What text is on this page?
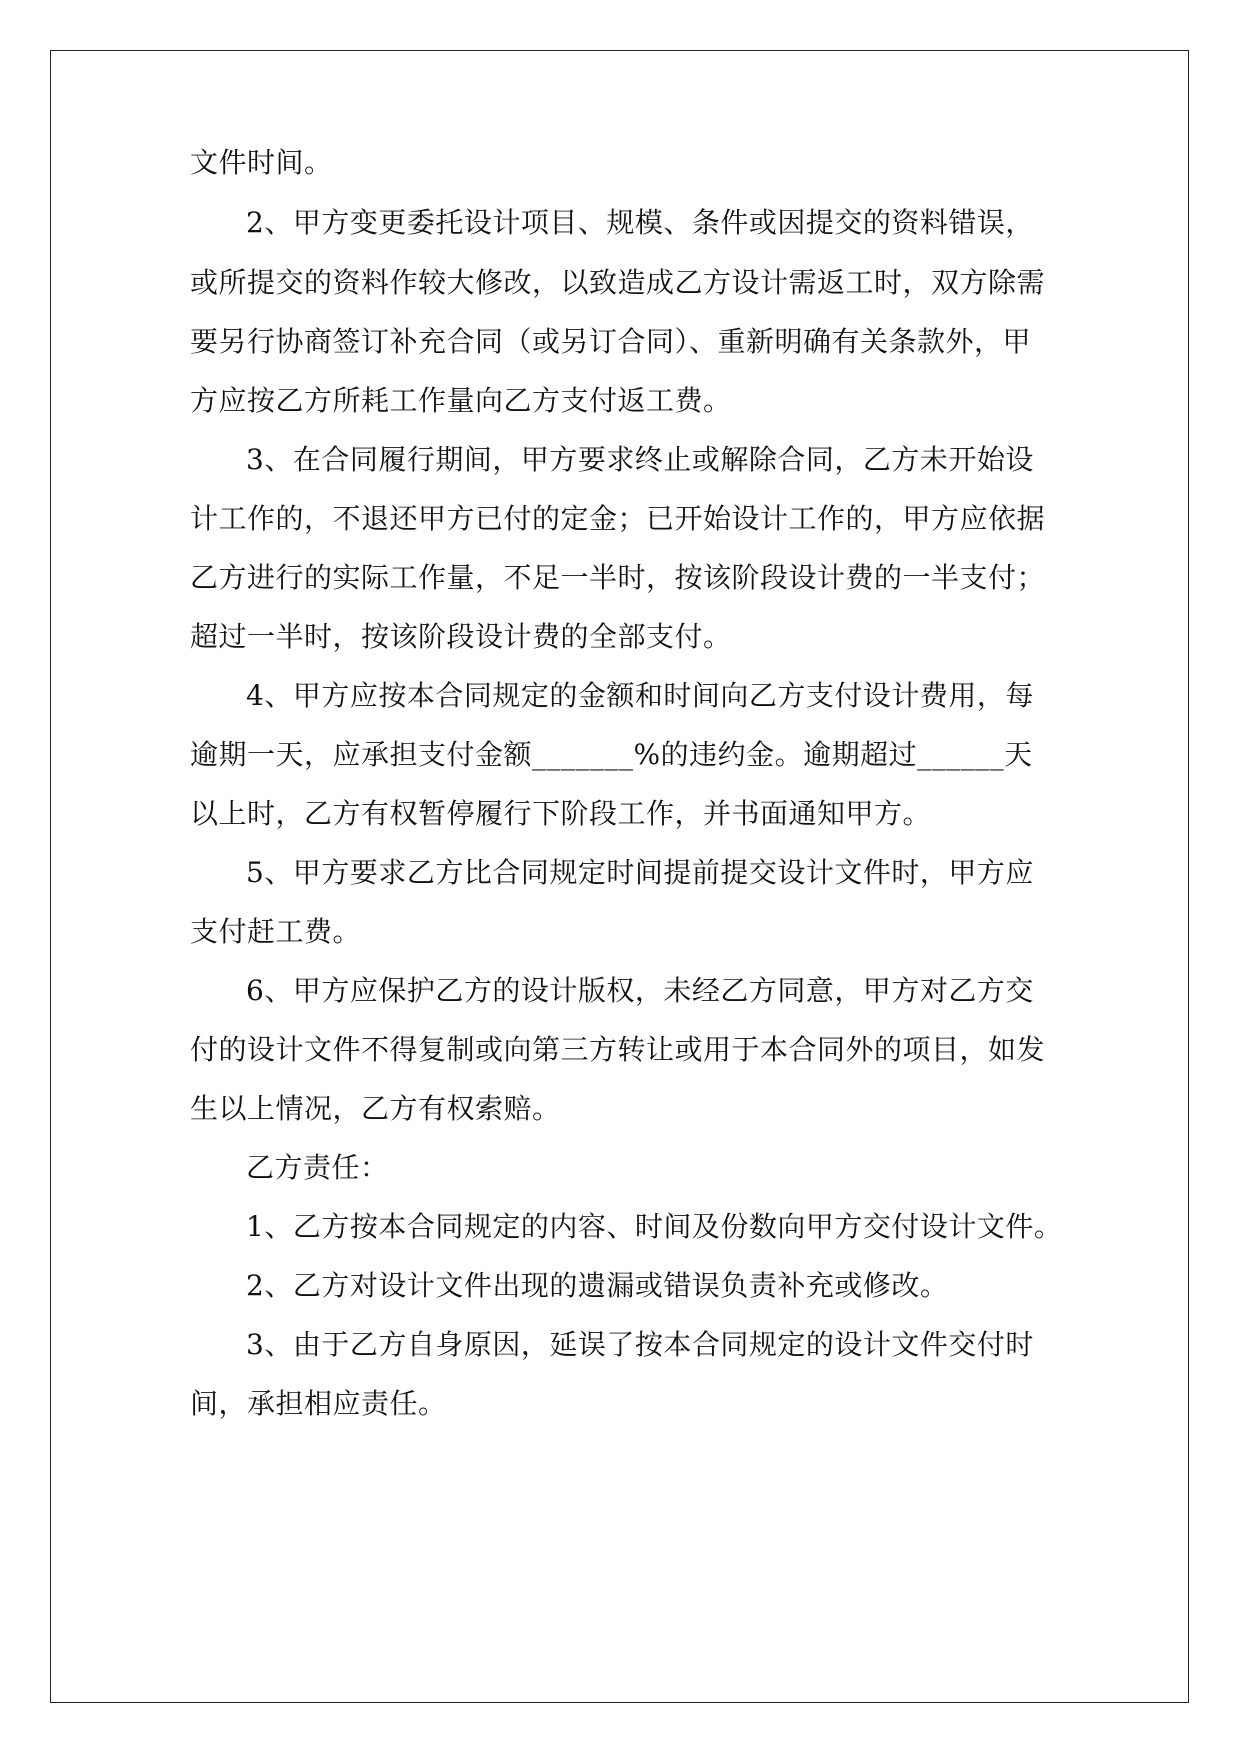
文件时间。
2、甲方变更委托设计项目、规模、条件或因提交的资料错误，
或所提交的资料作较大修改，以致造成乙方设计需返工时，双方除需
要另行协商签订补充合同（或另订合同）、重新明确有关条款外，甲
方应按乙方所耗工作量向乙方支付返工费。
3、在合同履行期间，甲方要求终止或解除合同，乙方未开始设
计工作的，不退还甲方已付的定金；已开始设计工作的，甲方应依据
乙方进行的实际工作量，不足一半时，按该阶段设计费的一半支付；
超过一半时，按该阶段设计费的全部支付。
4、甲方应按本合同规定的金额和时间向乙方支付设计费用，每
逾期一天，应承担支付金额_______%的违约金。逾期超过______天
以上时，乙方有权暂停履行下阶段工作，并书面通知甲方。
5、甲方要求乙方比合同规定时间提前提交设计文件时，甲方应
支付赶工费。
6、甲方应保护乙方的设计版权，未经乙方同意，甲方对乙方交
付的设计文件不得复制或向第三方转让或用于本合同外的项目，如发
生以上情况，乙方有权索赔。
乙方责任：
1、乙方按本合同规定的内容、时间及份数向甲方交付设计文件。
2、乙方对设计文件出现的遗漏或错误负责补充或修改。
3、由于乙方自身原因，延误了按本合同规定的设计文件交付时
间，承担相应责任。
